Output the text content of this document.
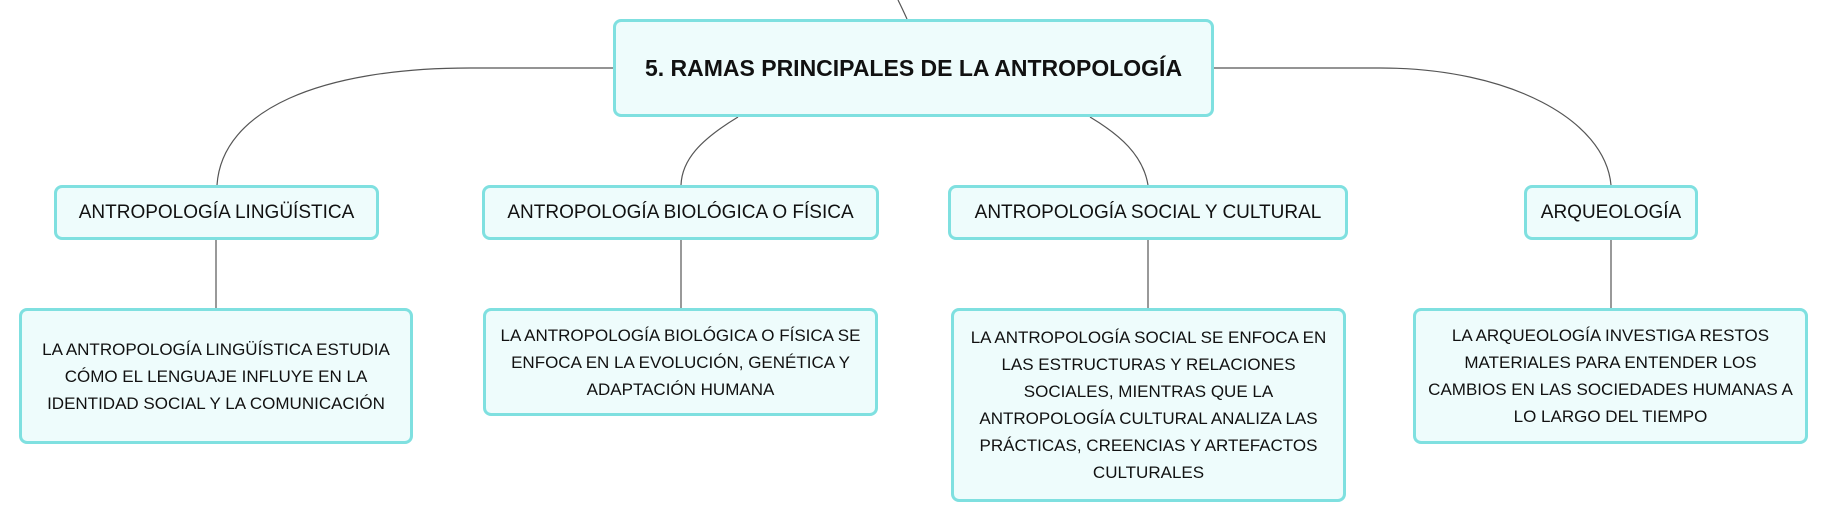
5. RAMAS PRINCIPALES DE LA ANTROPOLOGÍA
ANTROPOLOGÍA LINGÜÍSTICA	ANTROPOLOGÍA BIOLÓGICA O FÍSICA	ANTROPOLOGÍA SOCIAL Y CULTURAL	ARQUEOLOGÍA
LA ANTROPOLOGÍA LINGÜÍSTICA ESTUDIA CÓMO EL LENGUAJE INFLUYE EN LA IDENTIDAD SOCIAL Y LA COMUNICACIÓN
LA ANTROPOLOGÍA BIOLÓGICA O FÍSICA SE ENFOCA EN LA EVOLUCIÓN, GENÉTICA Y ADAPTACIÓN HUMANA
LA ANTROPOLOGÍA SOCIAL SE ENFOCA EN LAS ESTRUCTURAS Y RELACIONES SOCIALES, MIENTRAS QUE LA ANTROPOLOGÍA CULTURAL ANALIZA LAS PRÁCTICAS, CREENCIAS Y ARTEFACTOS CULTURALES
LA ARQUEOLOGÍA INVESTIGA RESTOS MATERIALES PARA ENTENDER LOS CAMBIOS EN LAS SOCIEDADES HUMANAS A LO LARGO DEL TIEMPO
